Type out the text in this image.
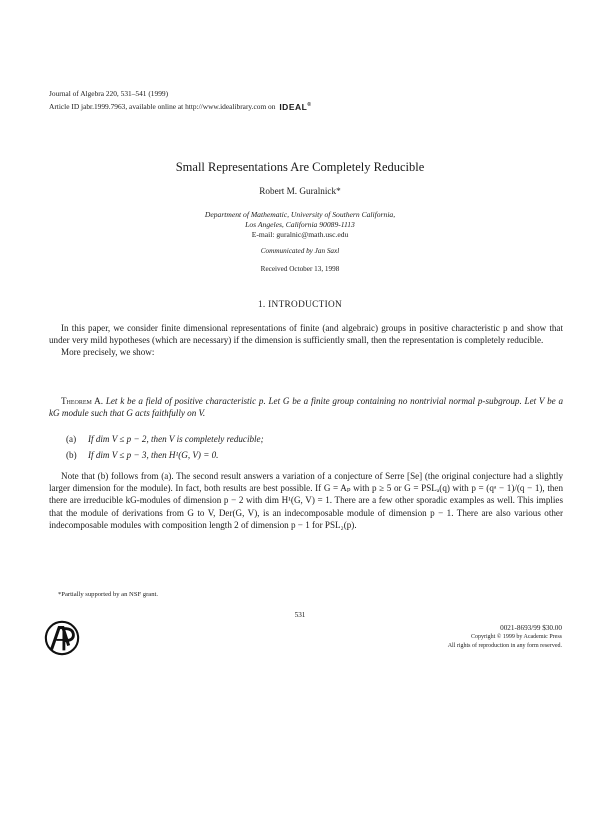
Journal of Algebra 220, 531–541 (1999)
Article ID jabr.1999.7963, available online at http://www.idealibrary.com on IDEAL®
Small Representations Are Completely Reducible
Robert M. Guralnick*
Department of Mathematic, University of Southern California,
Los Angeles, California 90089-1113
E-mail: guralnic@math.usc.edu
Communicated by Jan Saxl
Received October 13, 1998
1. INTRODUCTION

In this paper, we consider finite dimensional representations of finite (and algebraic) groups in positive characteristic p and show that under very mild hypotheses (which are necessary) if the dimension is sufficiently small, then the representation is completely reducible.

More precisely, we show:

Theorem A. Let k be a field of positive characteristic p. Let G be a finite group containing no nontrivial normal p-subgroup. Let V be a kG module such that G acts faithfully on V.

(a) If dim V ≤ p − 2, then V is completely reducible;
(b) If dim V ≤ p − 3, then H¹(G, V) = 0.

Note that (b) follows from (a). The second result answers a variation of a conjecture of Serre [Se] (the original conjecture had a slightly larger dimension for the module). In fact, both results are best possible. If G = Aₚ with p ≥ 5 or G = PSLₐ(q) with p = (qᵃ − 1)/(q − 1), then there are irreducible kG-modules of dimension p − 2 with dim H¹(G, V) = 1. There are a few other sporadic examples as well. This implies that the module of derivations from G to V, Der(G, V), is an indecomposable module of dimension p − 1. There are also various other indecomposable modules with composition length 2 of dimension p − 1 for PSL₂(p).

*Partially supported by an NSF grant.
531
0021-8693/99 $30.00
Copyright © 1999 by Academic Press
All rights of reproduction in any form reserved.
